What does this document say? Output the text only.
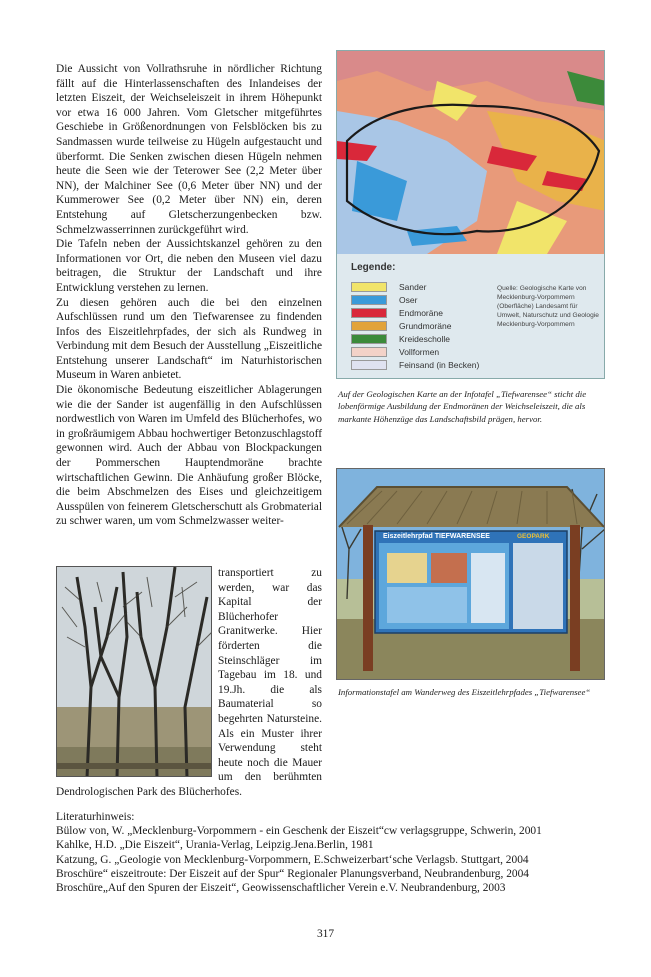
Die Aussicht von Vollrathsruhe in nördlicher Richtung fällt auf die Hinterlassenschaften des Inlandeises der letzten Eiszeit, der Weichseleiszeit in ihrem Höhepunkt vor etwa 16 000 Jahren. Vom Gletscher mitgeführtes Geschiebe in Größenordnungen von Felsblöcken bis zu Sandmassen wurde teilweise zu Hügeln aufgestaucht und überformt. Die Senken zwischen diesen Hügeln nehmen heute die Seen wie der Teterower See (2,2 Meter über NN), der Malchiner See (0,6 Meter über NN) und der Kummerower See (0,2 Meter über NN) ein, deren Entstehung auf Gletscherzungenbecken bzw. Schmelzwasserrinnen zurückgeführt wird.

Die Tafeln neben der Aussichtskanzel gehören zu den Informationen vor Ort, die neben den Museen viel dazu beitragen, die Struktur der Landschaft und ihre Entwicklung verstehen zu lernen.

Zu diesen gehören auch die bei den einzelnen Aufschlüssen rund um den Tiefwarensee zu findenden Infos des Eiszeitlehrpfades, der sich als Rundweg in Verbindung mit dem Besuch der Ausstellung „Eiszeitliche Entstehung unserer Landschaft“ im Naturhistorischen Museum in Waren anbietet.

Die ökonomische Bedeutung eiszeitlicher Ablagerungen wie die der Sander ist augenfällig in den Aufschlüssen nordwestlich von Waren im Umfeld des Blücherhofes, wo in großräumigem Abbau hochwertiger Betonzuschlagstoff gewonnen wird. Auch der Abbau von Blockpackungen der Pommerschen Hauptendmoräne brachte wirtschaftlichen Gewinn. Die Anhäufung großer Blöcke, die beim Abschmelzen des Eises und gleichzeitigem Ausspülen von feinerem Gletscherschutt als Grobmaterial zu schwer waren, um vom Schmelzwasser weiter-

transportiert zu werden, war das Kapital der Blücherhofer Granitwerke. Hier förderten die Steinschläger im Tagebau im 18. und 19.Jh. die als Baumaterial so begehrten Natursteine. Als ein Muster ihrer Verwendung steht heute noch die Mauer um den berühmten Dendrologischen Park des Blücherhofes.

Legende:
Sander
Oser
Endmoräne
Grundmoräne
Kreidescholle
Vollformen
Feinsand (in Becken)
Quelle: Geologische Karte von Mecklenburg-Vorpommern (Oberfläche) Landesamt für Umwelt, Naturschutz und Geologie Mecklenburg-Vorpommern
Auf der Geologischen Karte an der Infotafel „Tiefwarensee“ sticht die lobenförmige Ausbildung der Endmoränen der Weichseleiszeit, die als markante Höhenzüge das Landschaftsbild prägen, hervor.
Eiszeitlehrpfad TIEFWARENSEE	GEOPARK
Informationstafel am Wanderweg des Eiszeitlehrpfades „Tiefwarensee“
Literaturhinweis:
Bülow von, W. „Mecklenburg-Vorpommern - ein Geschenk der Eiszeit“cw verlagsgruppe, Schwerin, 2001
Kahlke, H.D. „Die Eiszeit“, Urania-Verlag, Leipzig.Jena.Berlin, 1981
Katzung, G. „Geologie von Mecklenburg-Vorpommern, E.Schweizerbart‘sche Verlagsb. Stuttgart, 2004
Broschüre“ eiszeitroute: Der Eiszeit auf der Spur“ Regionaler Planungsverband, Neubrandenburg, 2004
Broschüre„Auf den Spuren der Eiszeit“, Geowissenschaftlicher Verein e.V. Neubrandenburg, 2003
317
